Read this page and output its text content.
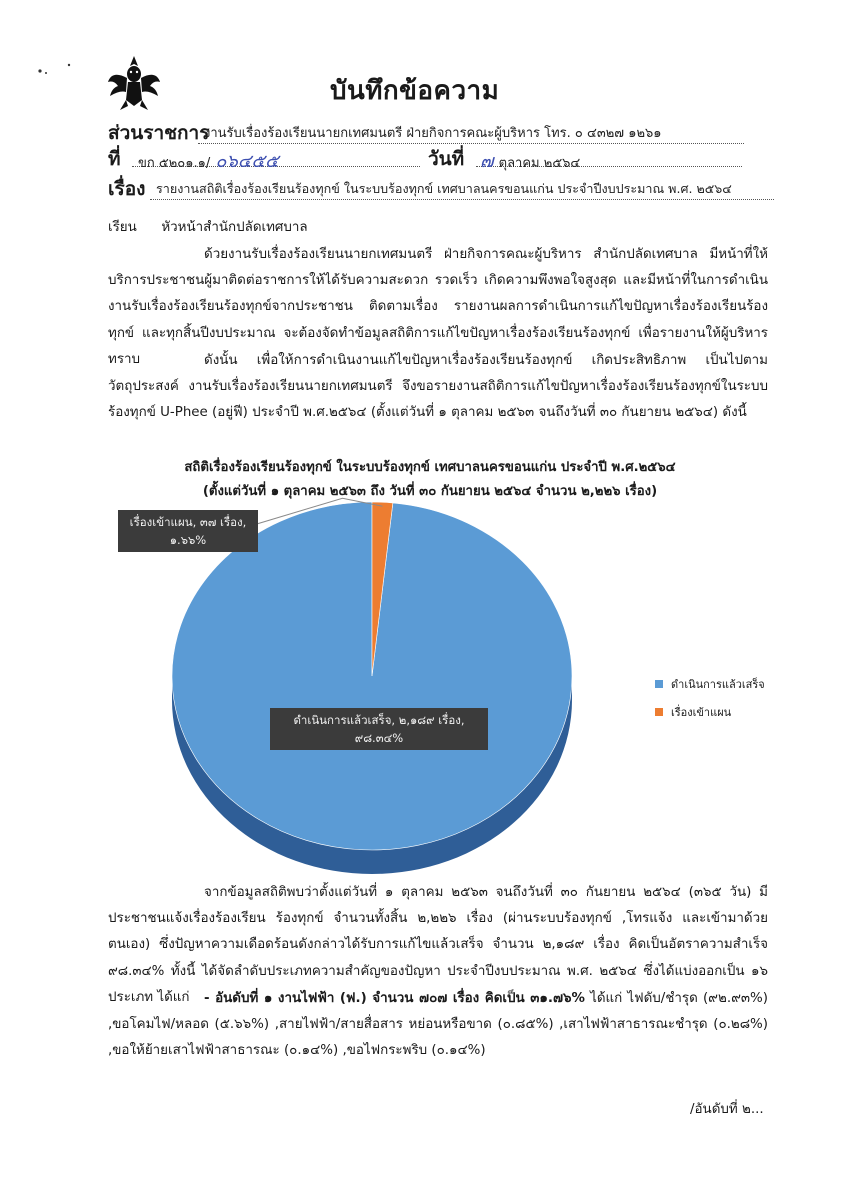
บันทึกข้อความ
ส่วนราชการ
งานรับเรื่องร้องเรียนนายกเทศมนตรี ฝ่ายกิจการคณะผู้บริหาร โทร. ๐ ๔๓๒๗ ๑๒๖๑
ที่	ขก ๕๒๐๑.๑/ ๐๖๔๕๕	วันที่ ๗ ตุลาคม ๒๕๖๔
เรื่อง รายงานสถิติเรื่องร้องเรียนร้องทุกข์ ในระบบร้องทุกข์ เทศบาลนครขอนแก่น ประจำปีงบประมาณ พ.ศ. ๒๕๖๔
เรียน หัวหน้าสำนักปลัดเทศบาล
ด้วยงานรับเรื่องร้องเรียนนายกเทศมนตรี ฝ่ายกิจการคณะผู้บริหาร สำนักปลัดเทศบาล มีหน้าที่ให้บริการประชาชนผู้มาติดต่อราชการให้ได้รับความสะดวก รวดเร็ว เกิดความพึงพอใจสูงสุด และมีหน้าที่ในการดำเนินงานรับเรื่องร้องเรียนร้องทุกข์จากประชาชน ติดตามเรื่อง รายงานผลการดำเนินการแก้ไขปัญหาเรื่องร้องเรียนร้องทุกข์ และทุกสิ้นปีงบประมาณ จะต้องจัดทำข้อมูลสถิติการแก้ไขปัญหาเรื่องร้องเรียนร้องทุกข์ เพื่อรายงานให้ผู้บริหารทราบ	ดังนั้น เพื่อให้การดำเนินงานแก้ไขปัญหาเรื่องร้องเรียนร้องทุกข์ เกิดประสิทธิภาพ เป็นไปตามวัตถุประสงค์ งานรับเรื่องร้องเรียนนายกเทศมนตรี จึงขอรายงานสถิติการแก้ไขปัญหาเรื่องร้องเรียนร้องทุกข์ในระบบร้องทุกข์ U-Phee (อยู่ฟี) ประจำปี พ.ศ.๒๕๖๔ (ตั้งแต่วันที่ ๑ ตุลาคม ๒๕๖๓ จนถึงวันที่ ๓๐ กันยายน ๒๕๖๔) ดังนี้
สถิติเรื่องร้องเรียนร้องทุกข์ ในระบบร้องทุกข์ เทศบาลนครขอนแก่น ประจำปี พ.ศ.๒๕๖๔
(ตั้งแต่วันที่ ๑ ตุลาคม ๒๕๖๓ ถึง วันที่ ๓๐ กันยายน ๒๕๖๔ จำนวน ๒,๒๒๖ เรื่อง)
เรื่องเข้าแผน, ๓๗ เรื่อง,
๑.๖๖%
ดำเนินการแล้วเสร็จ, ๒,๑๘๙ เรื่อง,
๙๘.๓๔%
ดำเนินการแล้วเสร็จ
เรื่องเข้าแผน
จากข้อมูลสถิติพบว่าตั้งแต่วันที่ ๑ ตุลาคม ๒๕๖๓ จนถึงวันที่ ๓๐ กันยายน ๒๕๖๔ (๓๖๕ วัน) มีประชาชนแจ้งเรื่องร้องเรียน ร้องทุกข์ จำนวนทั้งสิ้น ๒,๒๒๖ เรื่อง (ผ่านระบบร้องทุกข์ ,โทรแจ้ง และเข้ามาด้วยตนเอง) ซึ่งปัญหาความเดือดร้อนดังกล่าวได้รับการแก้ไขแล้วเสร็จ จำนวน ๒,๑๘๙ เรื่อง คิดเป็นอัตราความสำเร็จ ๙๘.๓๔% ทั้งนี้ ได้จัดลำดับประเภทความสำคัญของปัญหา ประจำปีงบประมาณ พ.ศ. ๒๕๖๔ ซึ่งได้แบ่งออกเป็น ๑๖ ประเภท ได้แก่	- อันดับที่ ๑ งานไฟฟ้า (ฟ.) จำนวน ๗๐๗ เรื่อง คิดเป็น ๓๑.๗๖% ได้แก่ ไฟดับ/ชำรุด (๙๒.๙๓%) ,ขอโคมไฟ/หลอด (๕.๖๖%) ,สายไฟฟ้า/สายสื่อสาร หย่อนหรือขาด (๐.๘๕%) ,เสาไฟฟ้าสาธารณะชำรุด (๐.๒๘%) ,ขอให้ย้ายเสาไฟฟ้าสาธารณะ (๐.๑๔%) ,ขอไฟกระพริบ (๐.๑๔%)
/อันดับที่ ๒...
